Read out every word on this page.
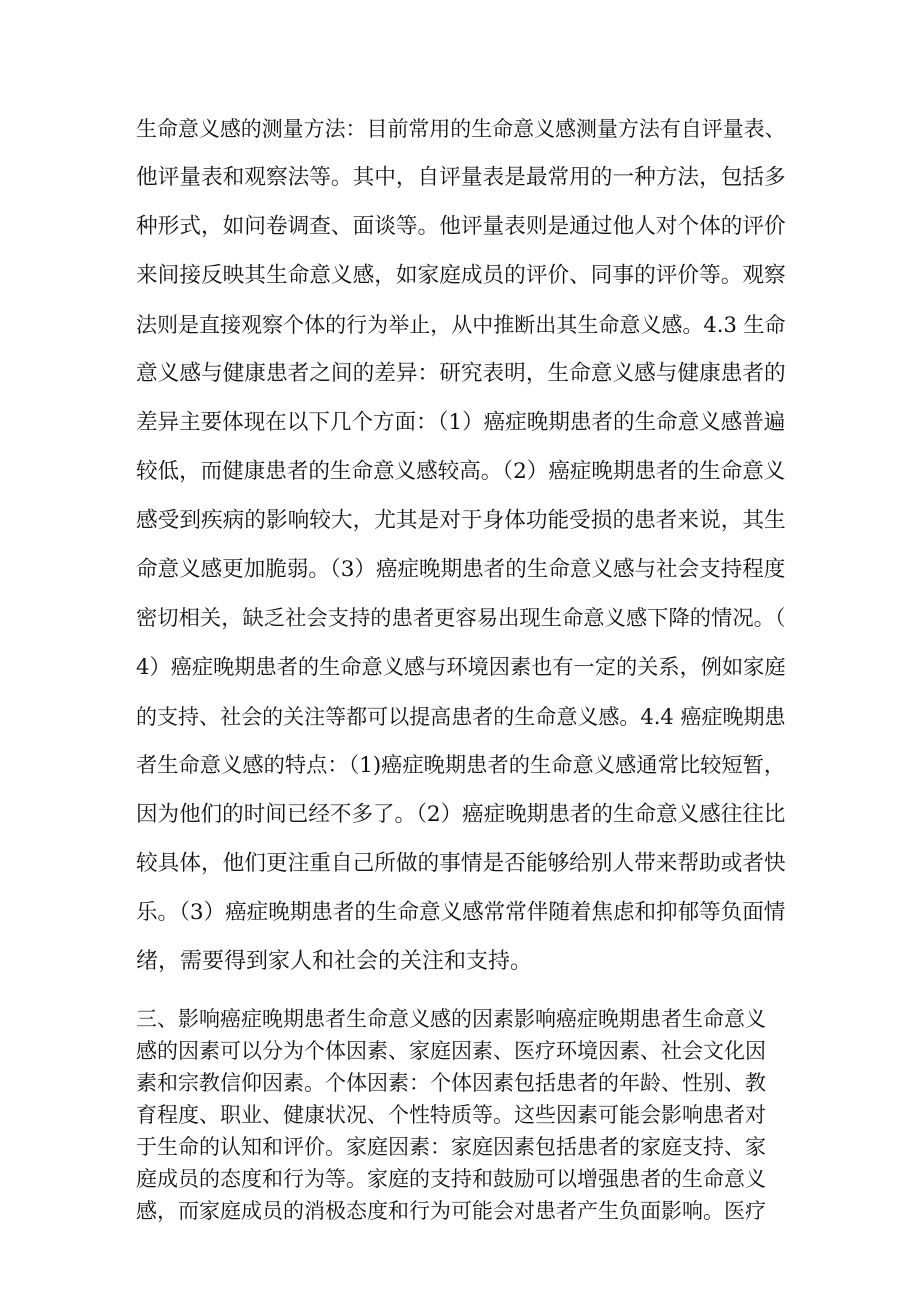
生命意义感的测量方法：目前常用的生命意义感测量方法有自评量表、
他评量表和观察法等。其中，自评量表是最常用的一种方法，包括多
种形式，如问卷调查、面谈等。他评量表则是通过他人对个体的评价
来间接反映其生命意义感，如家庭成员的评价、同事的评价等。观察
法则是直接观察个体的行为举止，从中推断出其生命意义感。4.3 生命
意义感与健康患者之间的差异：研究表明，生命意义感与健康患者的
差异主要体现在以下几个方面：（1）癌症晚期患者的生命意义感普遍
较低，而健康患者的生命意义感较高。（2）癌症晚期患者的生命意义
感受到疾病的影响较大，尤其是对于身体功能受损的患者来说，其生
命意义感更加脆弱。（3）癌症晚期患者的生命意义感与社会支持程度
密切相关，缺乏社会支持的患者更容易出现生命意义感下降的情况。（
4）癌症晚期患者的生命意义感与环境因素也有一定的关系，例如家庭
的支持、社会的关注等都可以提高患者的生命意义感。4.4 癌症晚期患
者生命意义感的特点：（1)癌症晚期患者的生命意义感通常比较短暂，
因为他们的时间已经不多了。（2）癌症晚期患者的生命意义感往往比
较具体，他们更注重自己所做的事情是否能够给别人带来帮助或者快
乐。（3）癌症晚期患者的生命意义感常常伴随着焦虑和抑郁等负面情
绪，需要得到家人和社会的关注和支持。
三、影响癌症晚期患者生命意义感的因素影响癌症晚期患者生命意义
感的因素可以分为个体因素、家庭因素、医疗环境因素、社会文化因
素和宗教信仰因素。个体因素：个体因素包括患者的年龄、性别、教
育程度、职业、健康状况、个性特质等。这些因素可能会影响患者对
于生命的认知和评价。家庭因素：家庭因素包括患者的家庭支持、家
庭成员的态度和行为等。家庭的支持和鼓励可以增强患者的生命意义
感，而家庭成员的消极态度和行为可能会对患者产生负面影响。医疗
